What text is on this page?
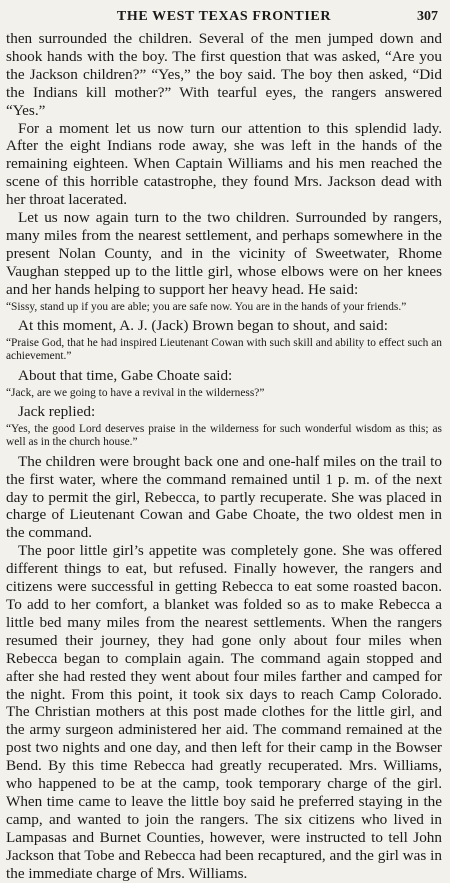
THE WEST TEXAS FRONTIER	307

then surrounded the children. Several of the men jumped down and shook hands with the boy. The first question that was asked, “Are you the Jackson children?” “Yes,” the boy said. The boy then asked, “Did the Indians kill mother?” With tearful eyes, the rangers answered “Yes.”

For a moment let us now turn our attention to this splendid lady. After the eight Indians rode away, she was left in the hands of the remaining eighteen. When Captain Williams and his men reached the scene of this horrible catastrophe, they found Mrs. Jackson dead with her throat lacerated.

Let us now again turn to the two children. Surrounded by rangers, many miles from the nearest settlement, and perhaps somewhere in the present Nolan County, and in the vicinity of Sweetwater, Rhome Vaughan stepped up to the little girl, whose elbows were on her knees and her hands helping to support her heavy head. He said:

“Sissy, stand up if you are able; you are safe now. You are in the hands of your friends.”

At this moment, A. J. (Jack) Brown began to shout, and said:

“Praise God, that he had inspired Lieutenant Cowan with such skill and ability to effect such an achievement.”

About that time, Gabe Choate said:

“Jack, are we going to have a revival in the wilderness?”

Jack replied:

“Yes, the good Lord deserves praise in the wilderness for such wonderful wisdom as this; as well as in the church house.”

The children were brought back one and one-half miles on the trail to the first water, where the command remained until 1 p. m. of the next day to permit the girl, Rebecca, to partly recuperate. She was placed in charge of Lieutenant Cowan and Gabe Choate, the two oldest men in the command.

The poor little girl’s appetite was completely gone. She was offered different things to eat, but refused. Finally however, the rangers and citizens were successful in getting Rebecca to eat some roasted bacon. To add to her comfort, a blanket was folded so as to make Rebecca a little bed many miles from the nearest settlements. When the rangers resumed their journey, they had gone only about four miles when Rebecca began to complain again. The command again stopped and after she had rested they went about four miles farther and camped for the night. From this point, it took six days to reach Camp Colorado. The Christian mothers at this post made clothes for the little girl, and the army surgeon administered her aid. The command remained at the post two nights and one day, and then left for their camp in the Bowser Bend. By this time Rebecca had greatly recuperated. Mrs. Williams, who happened to be at the camp, took temporary charge of the girl. When time came to leave the little boy said he preferred staying in the camp, and wanted to join the rangers. The six citizens who lived in Lampasas and Burnet Counties, however, were instructed to tell John Jackson that Tobe and Rebecca had been recaptured, and the girl was in the immediate charge of Mrs. Williams.
